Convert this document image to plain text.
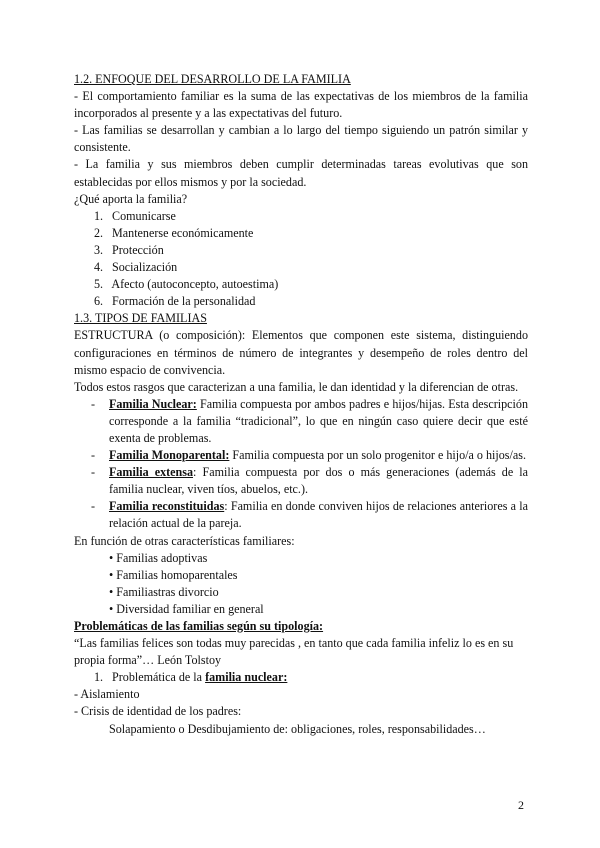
1.2. ENFOQUE DEL DESARROLLO DE LA FAMILIA

- El comportamiento familiar es la suma de las expectativas de los miembros de la familia incorporados al presente y a las expectativas del futuro.

- Las familias se desarrollan y cambian a lo largo del tiempo siguiendo un patrón similar y consistente.

- La familia y sus miembros deben cumplir determinadas tareas evolutivas que son establecidas por ellos mismos y por la sociedad.

¿Qué aporta la familia?

1. Comunicarse
2. Mantenerse económicamente
3. Protección
4. Socialización
5. Afecto (autoconcepto, autoestima)
6. Formación de la personalidad

1.3. TIPOS DE FAMILIAS

ESTRUCTURA (o composición): Elementos que componen este sistema, distinguiendo configuraciones en términos de número de integrantes y desempeño de roles dentro del mismo espacio de convivencia.

Todos estos rasgos que caracterizan a una familia, le dan identidad y la diferencian de otras.

- Familia Nuclear: Familia compuesta por ambos padres e hijos/hijas. Esta descripción corresponde a la familia “tradicional”, lo que en ningún caso quiere decir que esté exenta de problemas.
- Familia Monoparental: Familia compuesta por un solo progenitor e hijo/a o hijos/as.
- Familia extensa: Familia compuesta por dos o más generaciones (además de la familia nuclear, viven tíos, abuelos, etc.).
- Familia reconstituidas: Familia en donde conviven hijos de relaciones anteriores a la relación actual de la pareja.

En función de otras características familiares:

• Familias adoptivas

• Familias homoparentales

• Familiastras divorcio

• Diversidad familiar en general

Problemáticas de las familias según su tipología:

“Las familias felices son todas muy parecidas , en tanto que cada familia infeliz lo es en su propia forma”… León Tolstoy

1. Problemática de la familia nuclear:

- Aislamiento

- Crisis de identidad de los padres:

Solapamiento o Desdibujamiento de: obligaciones, roles, responsabilidades…

2
